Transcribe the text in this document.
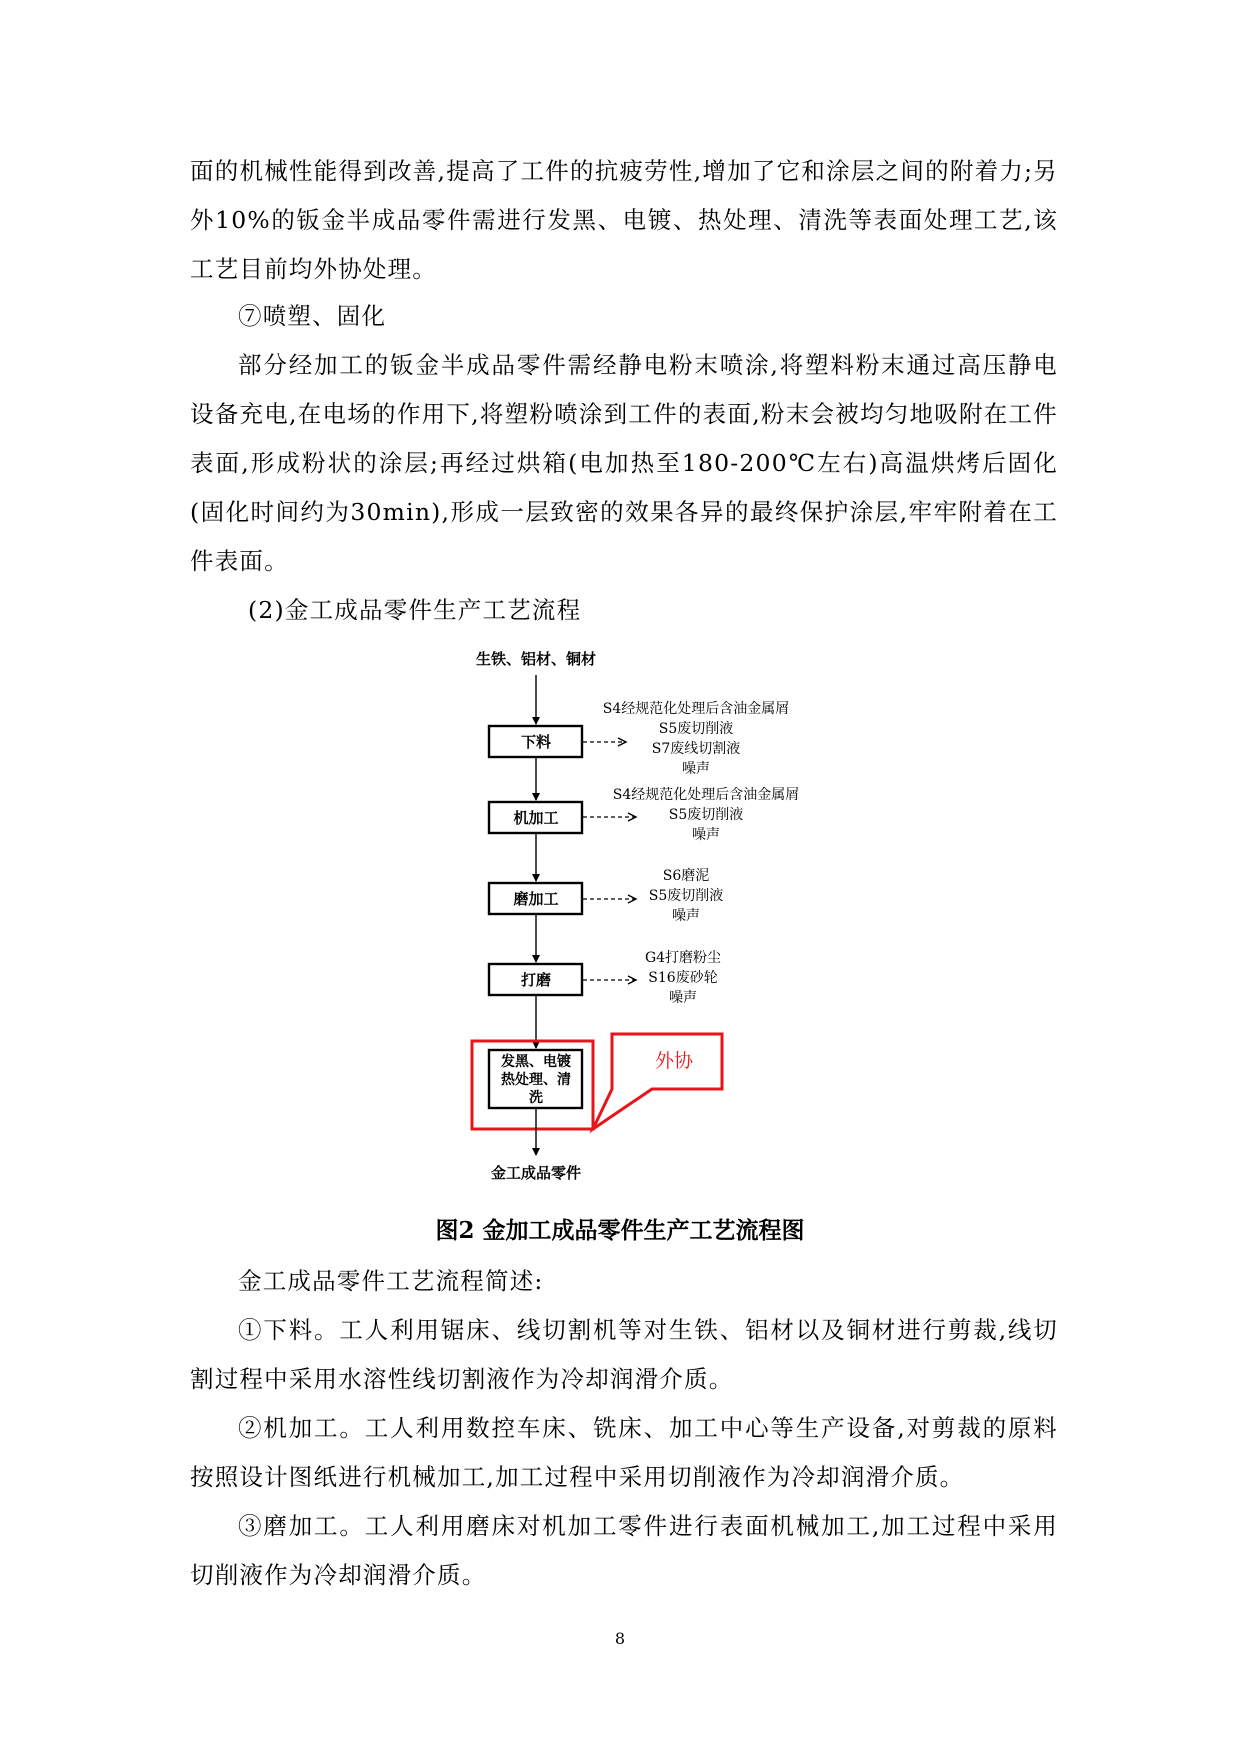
面的机械性能得到改善,提高了工件的抗疲劳性,增加了它和涂层之间的附着力;另外10%的钣金半成品零件需进行发黑、电镀、热处理、清洗等表面处理工艺,该工艺目前均外协处理。

⑦喷塑、固化

部分经加工的钣金半成品零件需经静电粉末喷涂,将塑料粉末通过高压静电设备充电,在电场的作用下,将塑粉喷涂到工件的表面,粉末会被均匀地吸附在工件表面,形成粉状的涂层;再经过烘箱(电加热至180-200℃左右)高温烘烤后固化(固化时间约为30min),形成一层致密的效果各异的最终保护涂层,牢牢附着在工件表面。

(2)金工成品零件生产工艺流程

生铁、铝材、铜材
下料
S4经规范化处理后含油金属屑
S5废切削液
S7废线切割液
噪声
机加工
S4经规范化处理后含油金属屑
S5废切削液
噪声
磨加工
S6磨泥
S5废切削液
噪声
打磨
G4打磨粉尘
S16废砂轮
噪声
发黑、电镀
热处理、清
洗
外协
金工成品零件
图2 金加工成品零件生产工艺流程图

金工成品零件工艺流程简述:

①下料。工人利用锯床、线切割机等对生铁、铝材以及铜材进行剪裁,线切割过程中采用水溶性线切割液作为冷却润滑介质。

②机加工。工人利用数控车床、铣床、加工中心等生产设备,对剪裁的原料按照设计图纸进行机械加工,加工过程中采用切削液作为冷却润滑介质。

③磨加工。工人利用磨床对机加工零件进行表面机械加工,加工过程中采用切削液作为冷却润滑介质。

8
